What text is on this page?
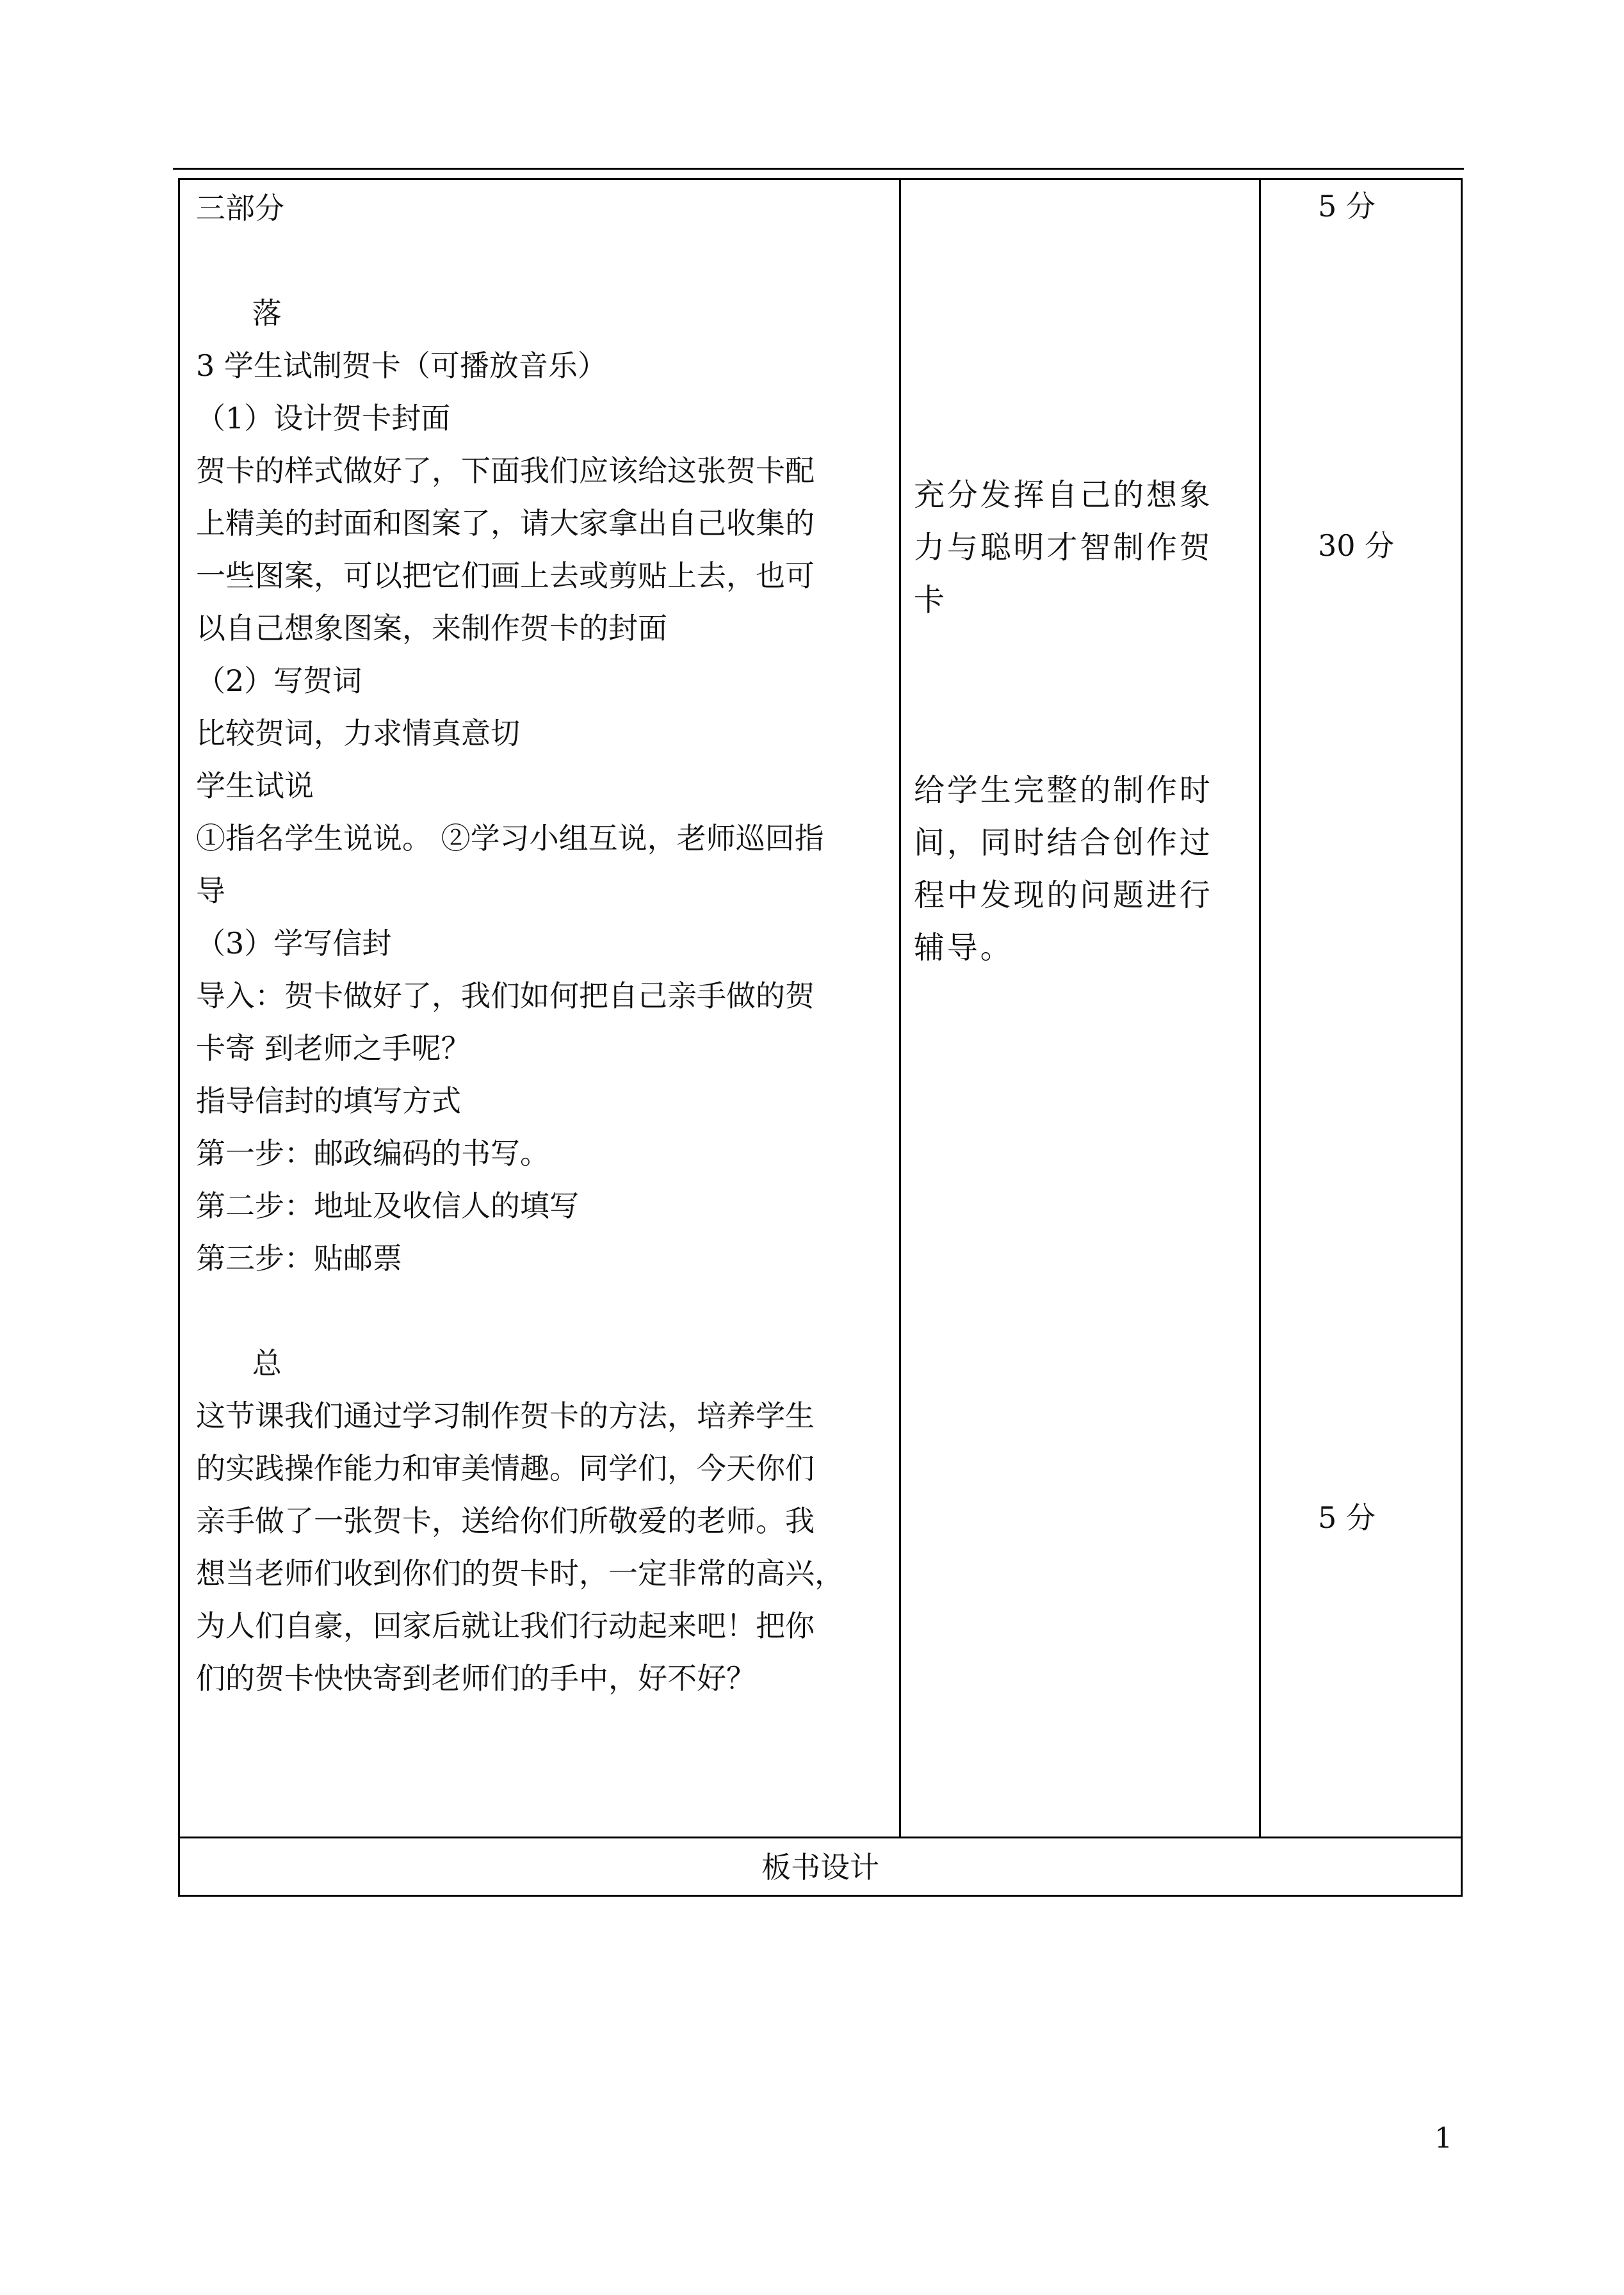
三部分
落
3 学生试制贺卡（可播放音乐）
（1）设计贺卡封面
贺卡的样式做好了，下面我们应该给这张贺卡配
上精美的封面和图案了，请大家拿出自己收集的
一些图案，可以把它们画上去或剪贴上去，也可
以自己想象图案，来制作贺卡的封面
（2）写贺词
比较贺词，力求情真意切
学生试说
①指名学生说说。 ②学习小组互说，老师巡回指
导
（3）学写信封
导入：贺卡做好了，我们如何把自己亲手做的贺
卡寄 到老师之手呢？
指导信封的填写方式
第一步：邮政编码的书写。
第二步：地址及收信人的填写
第三步：贴邮票
总
这节课我们通过学习制作贺卡的方法，培养学生
的实践操作能力和审美情趣。同学们，今天你们
亲手做了一张贺卡，送给你们所敬爱的老师。我
想当老师们收到你们的贺卡时，一定非常的高兴，
为人们自豪，回家后就让我们行动起来吧！把你
们的贺卡快快寄到老师们的手中，好不好？
充分发挥自己的想象力与聪明才智制作贺卡
给学生完整的制作时间，同时结合创作过程中发现的问题进行辅导。
5 分
30 分
5 分
板书设计
1
